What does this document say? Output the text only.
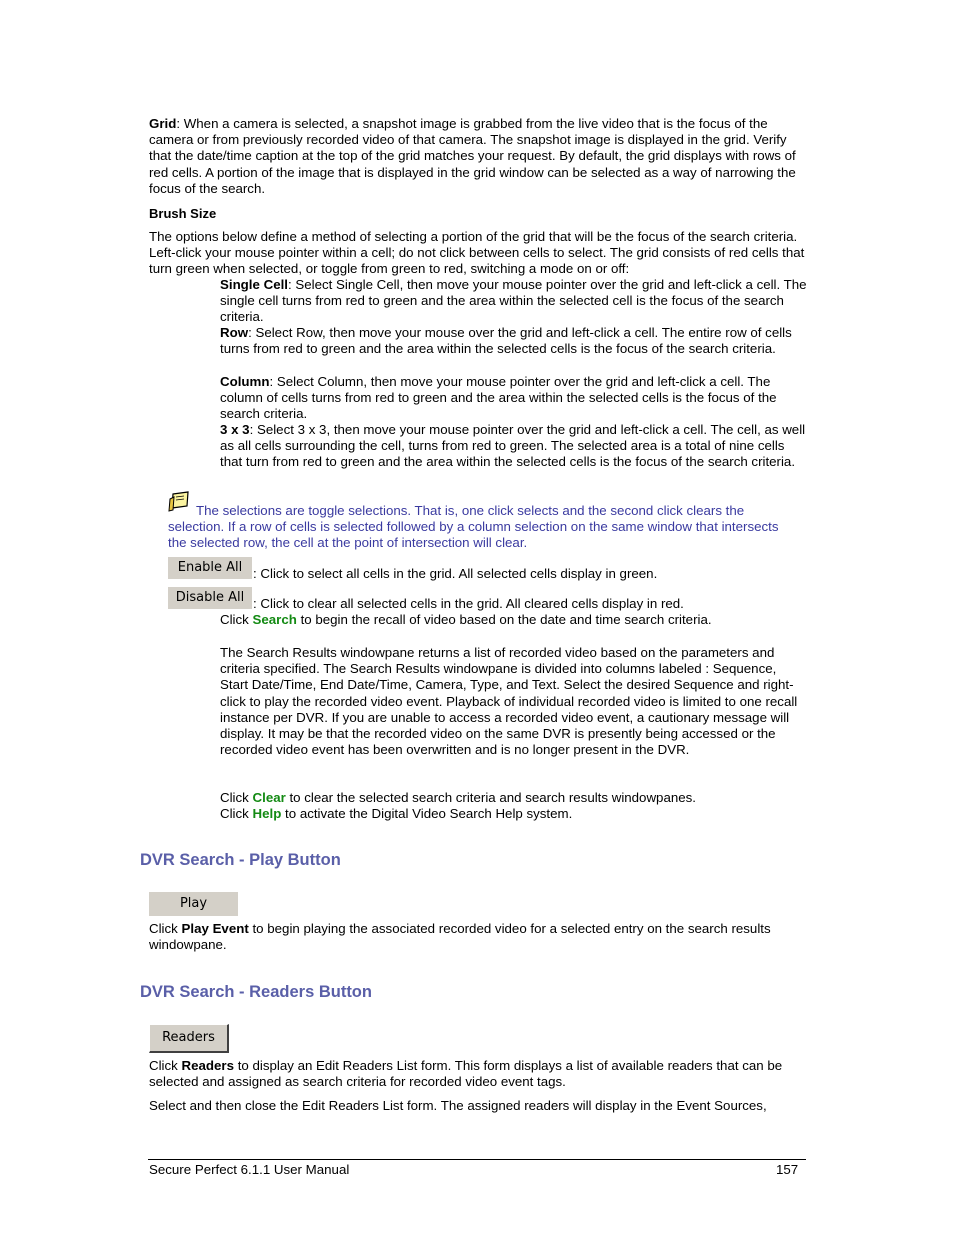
Grid: When a camera is selected, a snapshot image is grabbed from the live video that is the focus of the camera or from previously recorded video of that camera. The snapshot image is displayed in the grid. Verify that the date/time caption at the top of the grid matches your request. By default, the grid displays with rows of red cells. A portion of the image that is displayed in the grid window can be selected as a way of narrowing the focus of the search.

Brush Size

The options below define a method of selecting a portion of the grid that will be the focus of the search criteria. Left-click your mouse pointer within a cell; do not click between cells to select. The grid consists of red cells that turn green when selected, or toggle from green to red, switching a mode on or off:

Single Cell: Select Single Cell, then move your mouse pointer over the grid and left-click a cell. The single cell turns from red to green and the area within the selected cell is the focus of the search criteria.

Row: Select Row, then move your mouse over the grid and left-click a cell. The entire row of cells turns from red to green and the area within the selected cells is the focus of the search criteria.

Column: Select Column, then move your mouse pointer over the grid and left-click a cell. The column of cells turns from red to green and the area within the selected cells is the focus of the search criteria.

3 x 3: Select 3 x 3, then move your mouse pointer over the grid and left-click a cell. The cell, as well as all cells surrounding the cell, turns from red to green. The selected area is a total of nine cells that turn from red to green and the area within the selected cells is the focus of the search criteria.

The selections are toggle selections. That is, one click selects and the second click clears the selection. If a row of cells is selected followed by a column selection on the same window that intersects the selected row, the cell at the point of intersection will clear.

Enable All : Click to select all cells in the grid. All selected cells display in green.

Disable All : Click to clear all selected cells in the grid. All cleared cells display in red.

Click Search to begin the recall of video based on the date and time search criteria.

The Search Results windowpane returns a list of recorded video based on the parameters and criteria specified. The Search Results windowpane is divided into columns labeled : Sequence, Start Date/Time, End Date/Time, Camera, Type, and Text. Select the desired Sequence and right-click to play the recorded video event. Playback of individual recorded video is limited to one recall instance per DVR. If you are unable to access a recorded video event, a cautionary message will display. It may be that the recorded video on the same DVR is presently being accessed or the recorded video event has been overwritten and is no longer present in the DVR.

Click Clear to clear the selected search criteria and search results windowpanes.

Click Help to activate the Digital Video Search Help system.

DVR Search - Play Button

Play

Click Play Event to begin playing the associated recorded video for a selected entry on the search results windowpane.

DVR Search - Readers Button

Readers

Click Readers to display an Edit Readers List form. This form displays a list of available readers that can be selected and assigned as search criteria for recorded video event tags.

Select and then close the Edit Readers List form. The assigned readers will display in the Event Sources,

Secure Perfect 6.1.1 User Manual	157
